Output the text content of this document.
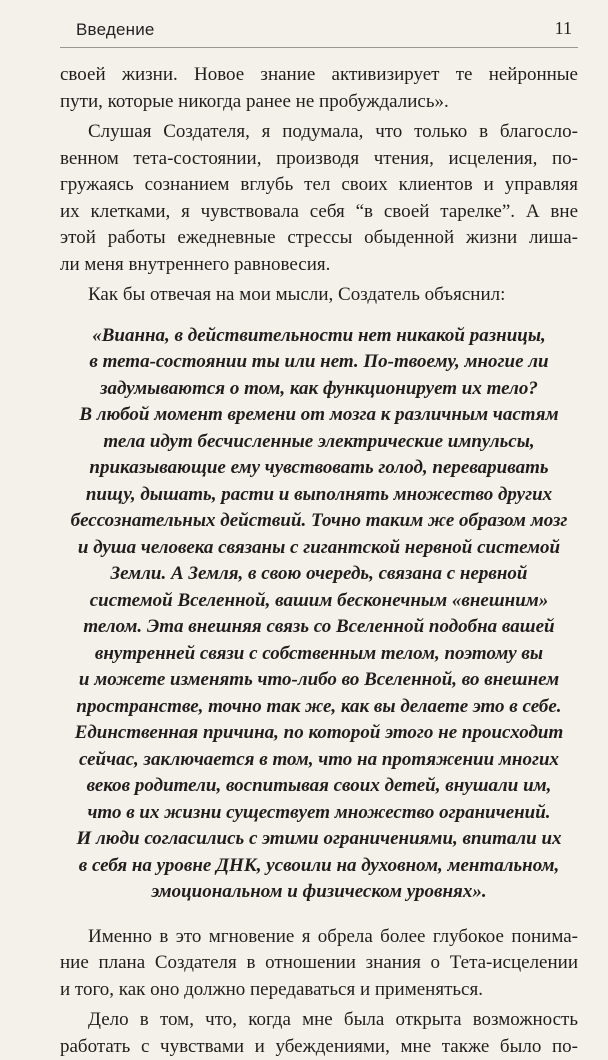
Введение	11

своей жизни. Новое знание активизирует те нейронные
пути, которые никогда ранее не пробуждались».

Слушая Создателя, я подумала, что только в благосло-
венном тета-состоянии, производя чтения, исцеления, по-
гружаясь сознанием вглубь тел своих клиентов и управляя
их клетками, я чувствовала себя “в своей тарелке”. А вне
этой работы ежедневные стрессы обыденной жизни лиша-
ли меня внутреннего равновесия.

Как бы отвечая на мои мысли, Создатель объяснил:

«Вианна, в действительности нет никакой разницы,
в тета-состоянии ты или нет. По-твоему, многие ли
задумываются о том, как функционирует их тело?
В любой момент времени от мозга к различным частям
тела идут бесчисленные электрические импульсы,
приказывающие ему чувствовать голод, переваривать
пищу, дышать, расти и выполнять множество других
бессознательных действий. Точно таким же образом мозг
и душа человека связаны с гигантской нервной системой
Земли. А Земля, в свою очередь, связана с нервной
системой Вселенной, вашим бесконечным «внешним»
телом. Эта внешняя связь со Вселенной подобна вашей
внутренней связи с собственным телом, поэтому вы
и можете изменять что-либо во Вселенной, во внешнем
пространстве, точно так же, как вы делаете это в себе.
Единственная причина, по которой этого не происходит
сейчас, заключается в том, что на протяжении многих
веков родители, воспитывая своих детей, внушали им,
что в их жизни существует множество ограничений.
И люди согласились с этими ограничениями, впитали их
в себя на уровне ДНК, усвоили на духовном, ментальном,
эмоциональном и физическом уровнях».

Именно в это мгновение я обрела более глубокое понима-
ние плана Создателя в отношении знания о Тета-исцелении
и того, как оно должно передаваться и применяться.

Дело в том, что, когда мне была открыта возможность
работать с чувствами и убеждениями, мне также было по-
